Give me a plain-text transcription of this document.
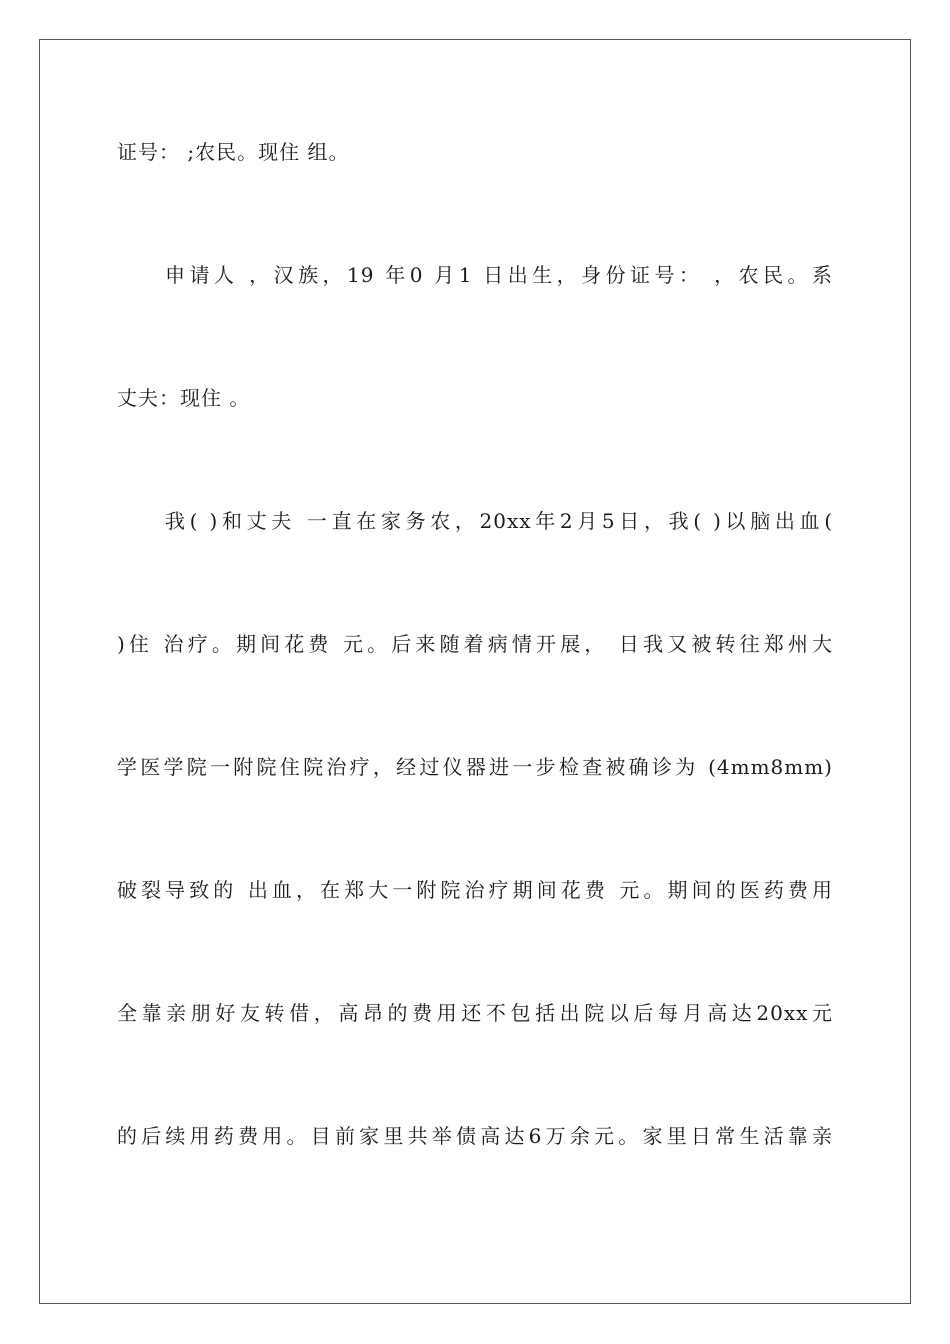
证号： ;农民。现住 组。
申请人 ，汉族，19 年0 月1 日出生，身份证号： ，农民。系
丈夫：现住 。
我( )和丈夫 一直在家务农，20xx年2月5日，我( )以脑出血(
)住 治疗。期间花费 元。后来随着病情开展， 日我又被转往郑州大
学医学院一附院住院治疗，经过仪器进一步检查被确诊为 (4mm8mm)
破裂导致的 出血，在郑大一附院治疗期间花费 元。期间的医药费用
全靠亲朋好友转借，高昂的费用还不包括出院以后每月高达20xx元
的后续用药费用。目前家里共举债高达6万余元。家里日常生活靠亲
